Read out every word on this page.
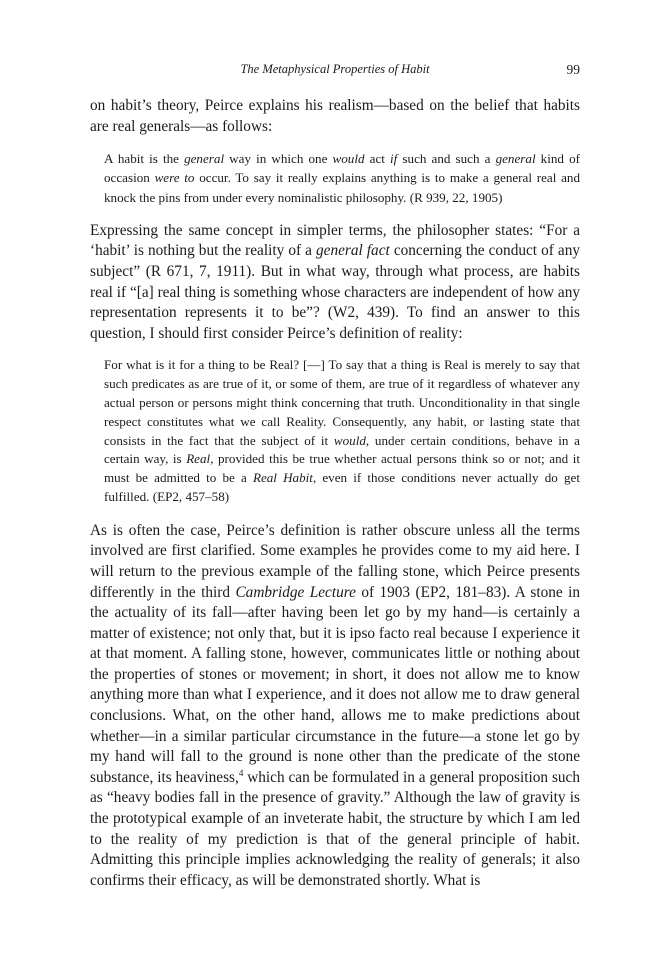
The Metaphysical Properties of Habit	99

on habit’s theory, Peirce explains his realism—based on the belief that habits are real generals—as follows:

A habit is the general way in which one would act if such and such a general kind of occasion were to occur. To say it really explains anything is to make a general real and knock the pins from under every nominalistic philosophy. (R 939, 22, 1905)

Expressing the same concept in simpler terms, the philosopher states: “For a ‘habit’ is nothing but the reality of a general fact concerning the conduct of any subject” (R 671, 7, 1911). But in what way, through what process, are habits real if “[a] real thing is something whose characters are independent of how any representation represents it to be”? (W2, 439). To find an answer to this question, I should first consider Peirce’s definition of reality:

For what is it for a thing to be Real? [—] To say that a thing is Real is merely to say that such predicates as are true of it, or some of them, are true of it regardless of whatever any actual person or persons might think concerning that truth. Unconditionality in that single respect constitutes what we call Reality. Consequently, any habit, or lasting state that consists in the fact that the subject of it would, under certain conditions, behave in a certain way, is Real, provided this be true whether actual persons think so or not; and it must be admitted to be a Real Habit, even if those conditions never actually do get fulfilled. (EP2, 457–58)

As is often the case, Peirce’s definition is rather obscure unless all the terms involved are first clarified. Some examples he provides come to my aid here. I will return to the previous example of the falling stone, which Peirce presents differently in the third Cambridge Lecture of 1903 (EP2, 181–83). A stone in the actuality of its fall—after having been let go by my hand—is certainly a matter of existence; not only that, but it is ipso facto real because I experience it at that moment. A falling stone, however, communicates little or nothing about the properties of stones or movement; in short, it does not allow me to know anything more than what I experience, and it does not allow me to draw general conclusions. What, on the other hand, allows me to make predictions about whether—in a similar particular circumstance in the future—a stone let go by my hand will fall to the ground is none other than the predicate of the stone substance, its heaviness,$^4$ which can be formulated in a general proposition such as “heavy bodies fall in the presence of gravity.” Although the law of gravity is the prototypical example of an inveterate habit, the structure by which I am led to the reality of my prediction is that of the general principle of habit. Admitting this principle implies acknowledging the reality of generals; it also confirms their efficacy, as will be demonstrated shortly. What is
